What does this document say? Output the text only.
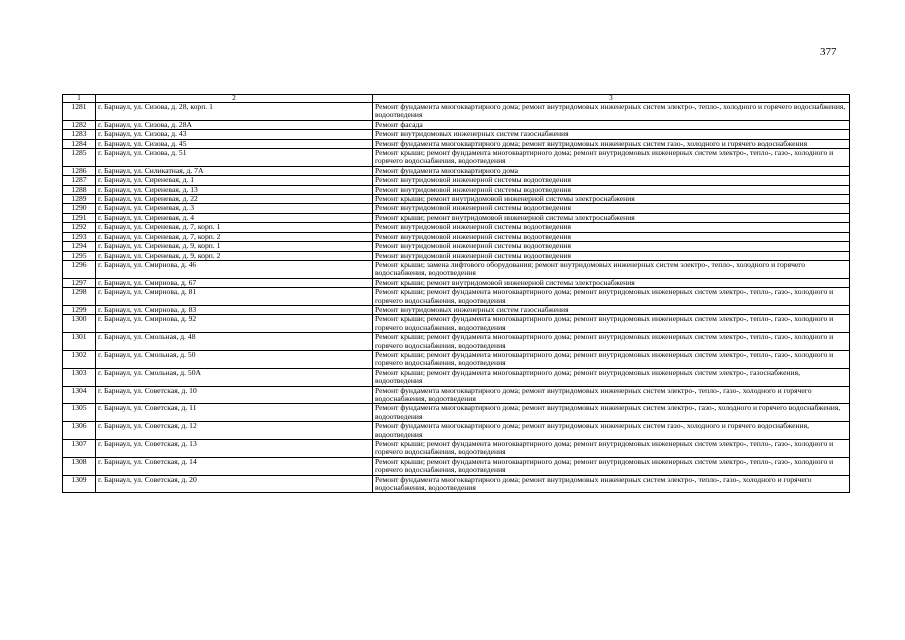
377
1	2	3
1281	г. Барнаул, ул. Сизова, д. 28, корп. 1	Ремонт фундамента многоквартирного дома; ремонт внутридомовых инженерных систем электро-, тепло-, холодного и горячего водоснабжения, водоотведения
1282	г. Барнаул, ул. Сизова, д. 28А	Ремонт фасада
1283	г. Барнаул, ул. Сизова, д. 43	Ремонт внутридомовых инженерных систем газоснабжения
1284	г. Барнаул, ул. Сизова, д. 45	Ремонт фундамента многоквартирного дома; ремонт внутридомовых инженерных систем газо-, холодного и горячего водоснабжения
1285	г. Барнаул, ул. Сизова, д. 51	Ремонт крыши; ремонт фундамента многоквартирного дома; ремонт внутридомовых инженерных систем электро-, тепло-, газо-, холодного и горячего водоснабжения, водоотведения
1286	г. Барнаул, ул. Силикатная, д. 7А	Ремонт фундамента многоквартирного дома
1287	г. Барнаул, ул. Сиреневая, д. 1	Ремонт внутридомовой инженерной системы водоотведения
1288	г. Барнаул, ул. Сиреневая, д. 13	Ремонт внутридомовой инженерной системы водоотведения
1289	г. Барнаул, ул. Сиреневая, д. 22	Ремонт крыши; ремонт внутридомовой инженерной системы электроснабжения
1290	г. Барнаул, ул. Сиреневая, д. 3	Ремонт внутридомовой инженерной системы водоотведения
1291	г. Барнаул, ул. Сиреневая, д. 4	Ремонт крыши; ремонт внутридомовой инженерной системы электроснабжения
1292	г. Барнаул, ул. Сиреневая, д. 7, корп. 1	Ремонт внутридомовой инженерной системы водоотведения
1293	г. Барнаул, ул. Сиреневая, д. 7, корп. 2	Ремонт внутридомовой инженерной системы водоотведения
1294	г. Барнаул, ул. Сиреневая, д. 9, корп. 1	Ремонт внутридомовой инженерной системы водоотведения
1295	г. Барнаул, ул. Сиреневая, д. 9, корп. 2	Ремонт внутридомовой инженерной системы водоотведения
1296	г. Барнаул, ул. Смирнова, д. 46	Ремонт крыши; замена лифтового оборудования; ремонт внутридомовых инженерных систем электро-, тепло-, холодного и горячего водоснабжения, водоотведения
1297	г. Барнаул, ул. Смирнова, д. 67	Ремонт крыши; ремонт внутридомовой инженерной системы электроснабжения
1298	г. Барнаул, ул. Смирнова, д. 81	Ремонт крыши; ремонт фундамента многоквартирного дома; ремонт внутридомовых инженерных систем электро-, тепло-, газо-, холодного и горячего водоснабжения, водоотведения
1299	г. Барнаул, ул. Смирнова, д. 83	Ремонт внутридомовых инженерных систем газоснабжения
1300	г. Барнаул, ул. Смирнова, д. 92	Ремонт крыши; ремонт фундамента многоквартирного дома; ремонт внутридомовых инженерных систем электро-, тепло-, газо-, холодного и горячего водоснабжения, водоотведения
1301	г. Барнаул, ул. Смольная, д. 48	Ремонт крыши; ремонт фундамента многоквартирного дома; ремонт внутридомовых инженерных систем электро-, тепло-, газо-, холодного и горячего водоснабжения, водоотведения
1302	г. Барнаул, ул. Смольная, д. 50	Ремонт крыши; ремонт фундамента многоквартирного дома; ремонт внутридомовых инженерных систем электро-, тепло-, газо-, холодного и горячего водоснабжения, водоотведения
1303	г. Барнаул, ул. Смольная, д. 50А	Ремонт крыши; ремонт фундамента многоквартирного дома; ремонт внутридомовых инженерных систем электро-, газоснабжения, водоотведения
1304	г. Барнаул, ул. Советская, д. 10	Ремонт фундамента многоквартирного дома; ремонт внутридомовых инженерных систем электро-, тепло-, газо-, холодного и горячего водоснабжения, водоотведения
1305	г. Барнаул, ул. Советская, д. 11	Ремонт фундамента многоквартирного дома; ремонт внутридомовых инженерных систем электро-, газо-, холодного и горячего водоснабжения, водоотведения
1306	г. Барнаул, ул. Советская, д. 12	Ремонт фундамента многоквартирного дома; ремонт внутридомовых инженерных систем газо-, холодного и горячего водоснабжения, водоотведения
1307	г. Барнаул, ул. Советская, д. 13	Ремонт крыши; ремонт фундамента многоквартирного дома; ремонт внутридомовых инженерных систем электро-, тепло-, газо-, холодного и горячего водоснабжения, водоотведения
1308	г. Барнаул, ул. Советская, д. 14	Ремонт крыши; ремонт фундамента многоквартирного дома; ремонт внутридомовых инженерных систем электро-, тепло-, газо-, холодного и горячего водоснабжения, водоотведения
1309	г. Барнаул, ул. Советская, д. 20	Ремонт фундамента многоквартирного дома; ремонт внутридомовых инженерных систем электро-, тепло-, газо-, холодного и горячего водоснабжения, водоотведения
